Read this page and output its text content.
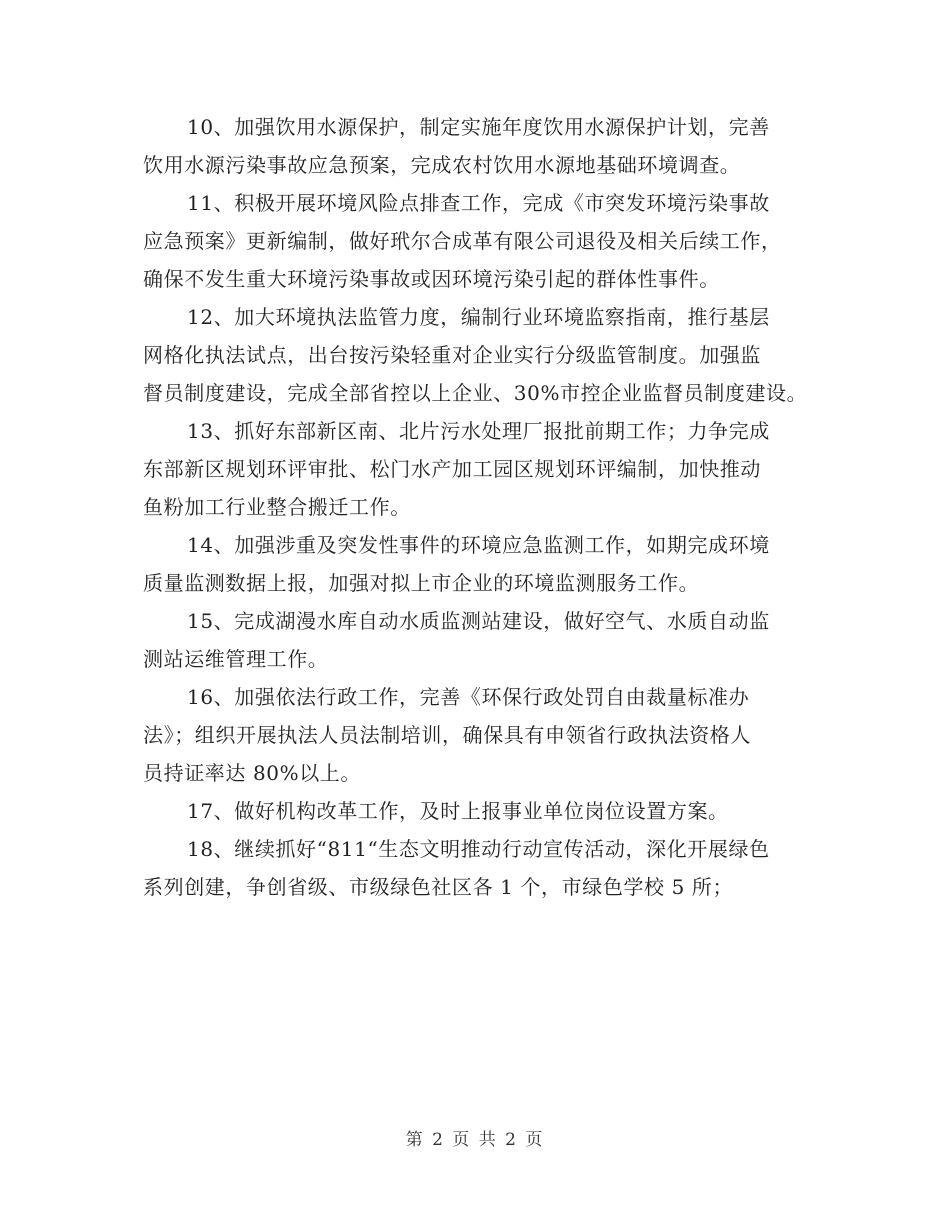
10、加强饮用水源保护，制定实施年度饮用水源保护计划，完善
饮用水源污染事故应急预案，完成农村饮用水源地基础环境调查。
11、积极开展环境风险点排查工作，完成《市突发环境污染事故
应急预案》更新编制，做好玳尔合成革有限公司退役及相关后续工作，
确保不发生重大环境污染事故或因环境污染引起的群体性事件。
12、加大环境执法监管力度，编制行业环境监察指南，推行基层
网格化执法试点，出台按污染轻重对企业实行分级监管制度。加强监
督员制度建设，完成全部省控以上企业、30%市控企业监督员制度建设。
13、抓好东部新区南、北片污水处理厂报批前期工作；力争完成
东部新区规划环评审批、松门水产加工园区规划环评编制，加快推动
鱼粉加工行业整合搬迁工作。
14、加强涉重及突发性事件的环境应急监测工作，如期完成环境
质量监测数据上报，加强对拟上市企业的环境监测服务工作。
15、完成湖漫水库自动水质监测站建设，做好空气、水质自动监
测站运维管理工作。
16、加强依法行政工作，完善《环保行政处罚自由裁量标准办
法》；组织开展执法人员法制培训，确保具有申领省行政执法资格人
员持证率达 80%以上。
17、做好机构改革工作，及时上报事业单位岗位设置方案。
18、继续抓好“811“生态文明推动行动宣传活动，深化开展绿色
系列创建，争创省级、市级绿色社区各 1 个，市绿色学校 5 所；
第 2 页 共 2 页
